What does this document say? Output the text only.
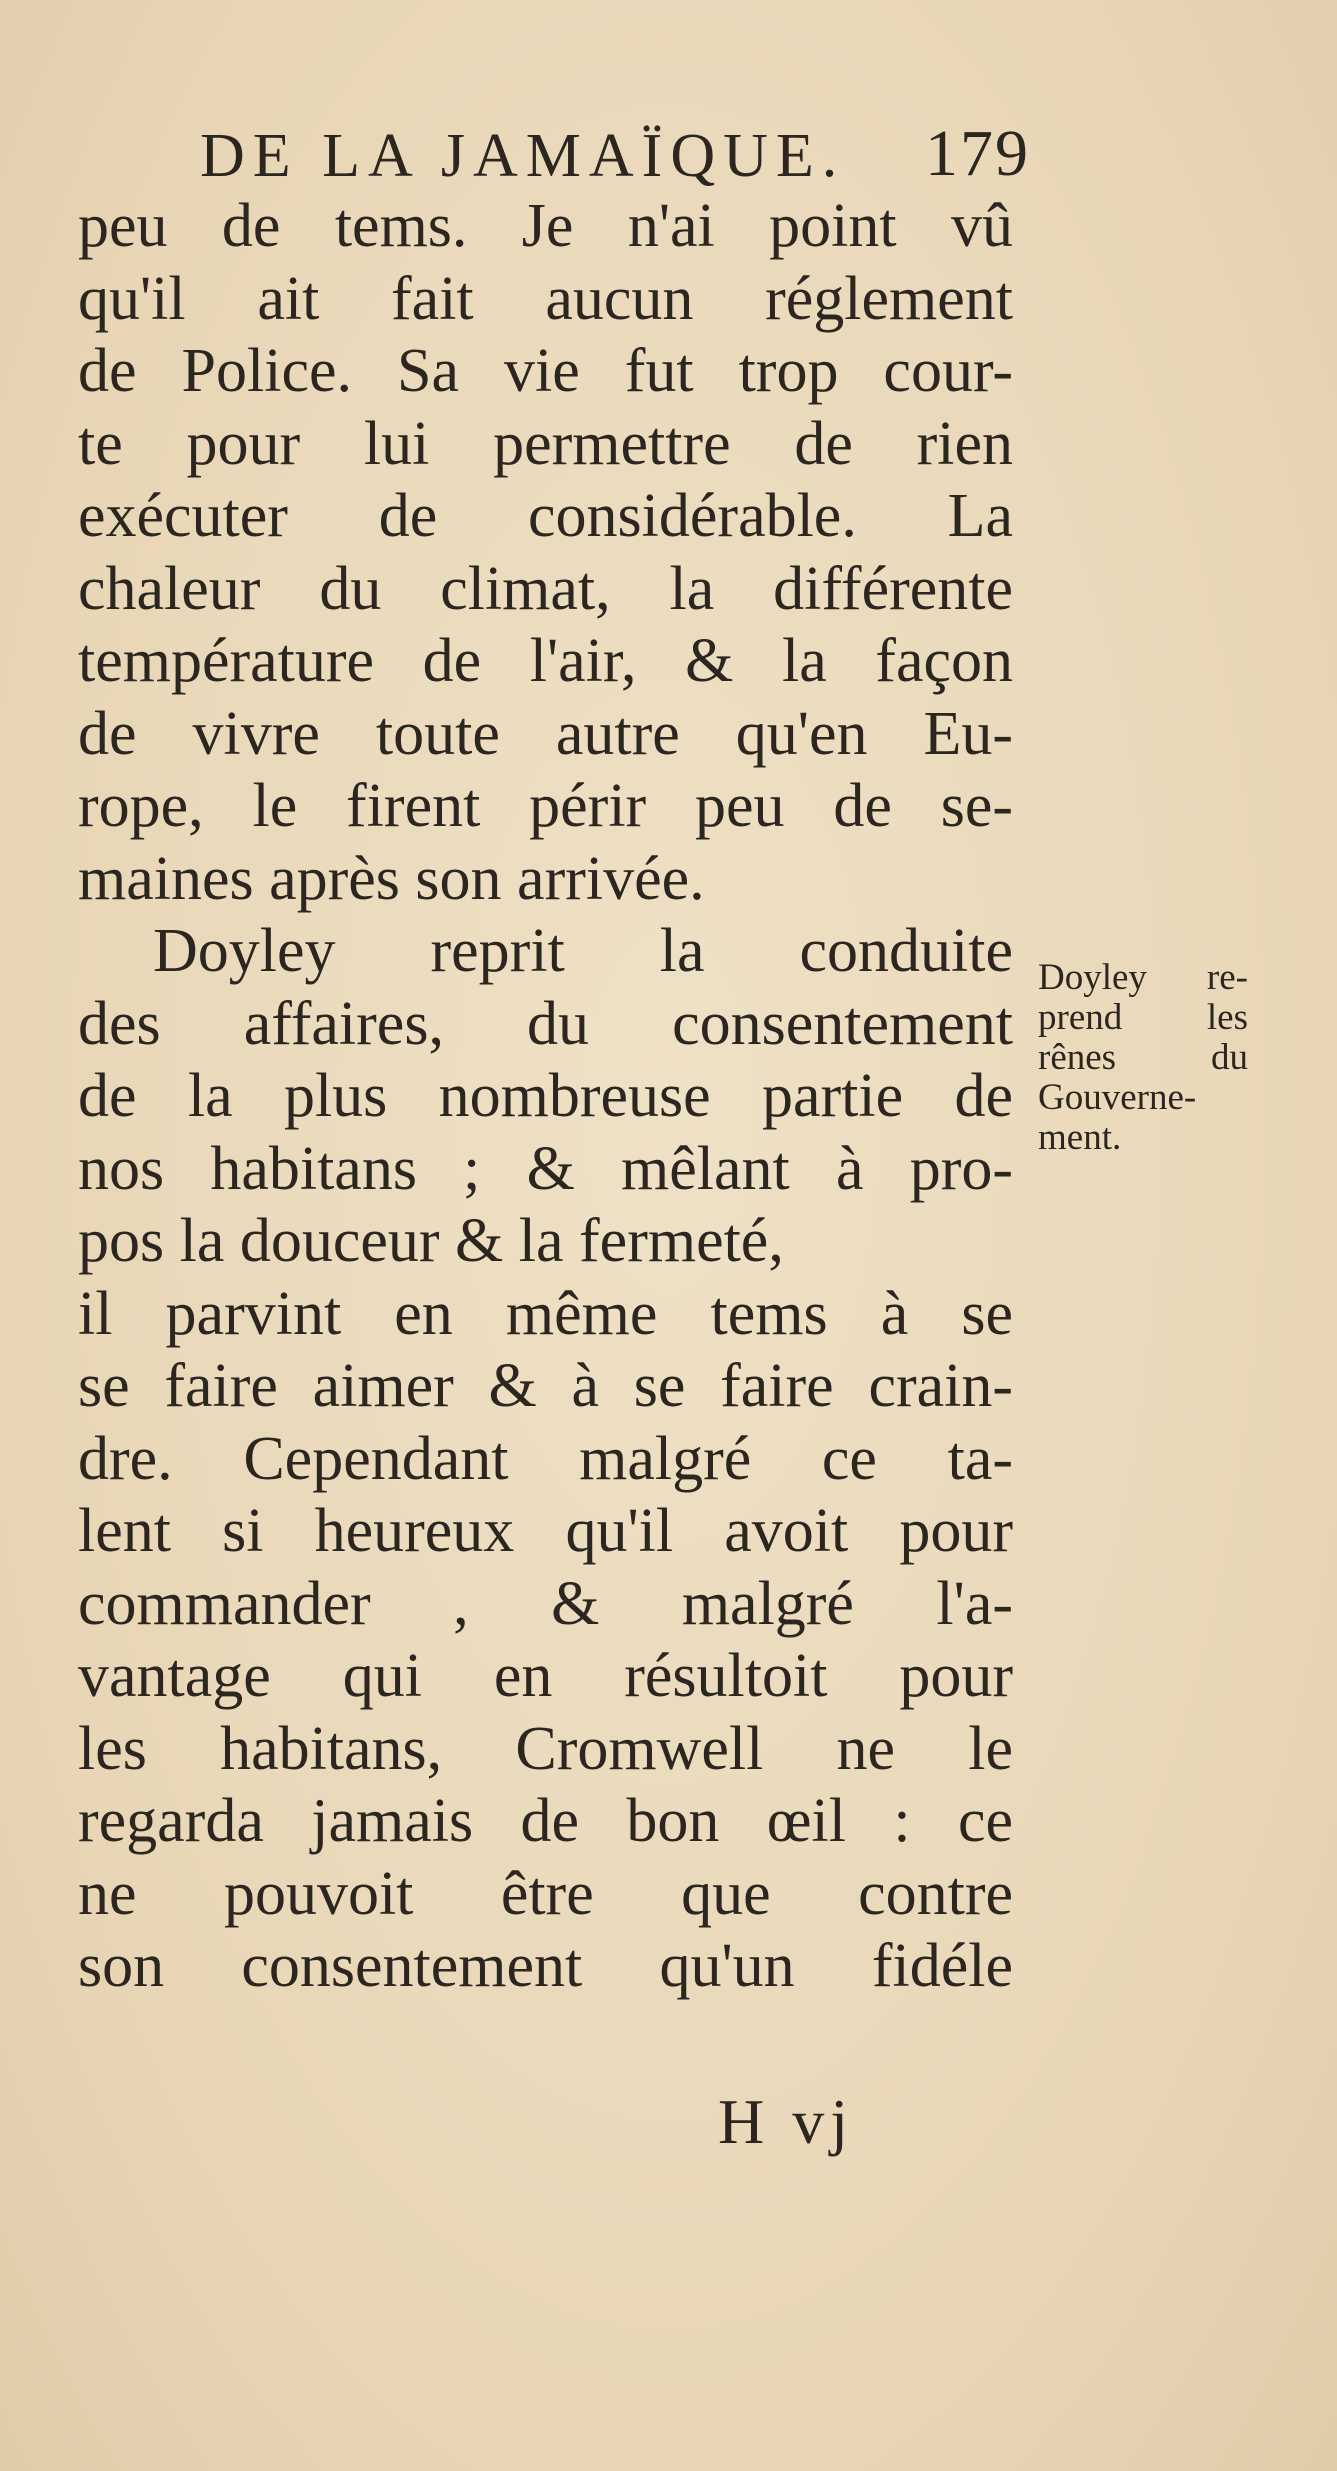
DE LA JAMAÏQUE. 179
peu de tems. Je n'ai point vû
qu'il ait fait aucun réglement
de Police. Sa vie fut trop cour-
te pour lui permettre de rien
exécuter de considérable. La
chaleur du climat, la différente
température de l'air, & la façon
de vivre toute autre qu'en Eu-
rope, le firent périr peu de se-
maines après son arrivée.
Doyley reprit la conduite
des affaires, du consentement
de la plus nombreuse partie de
nos habitans ; & mêlant à pro-
pos la douceur & la fermeté,
il parvint en même tems à se
se faire aimer & à se faire crain-
dre. Cependant malgré ce ta-
lent si heureux qu'il avoit pour
commander , & malgré l'a-
vantage qui en résultoit pour
les habitans, Cromwell ne le
regarda jamais de bon œil : ce
ne pouvoit être que contre
son consentement qu'un fidéle
Doyley re-
prend les
rênes du
Gouverne-
ment.
H vj
